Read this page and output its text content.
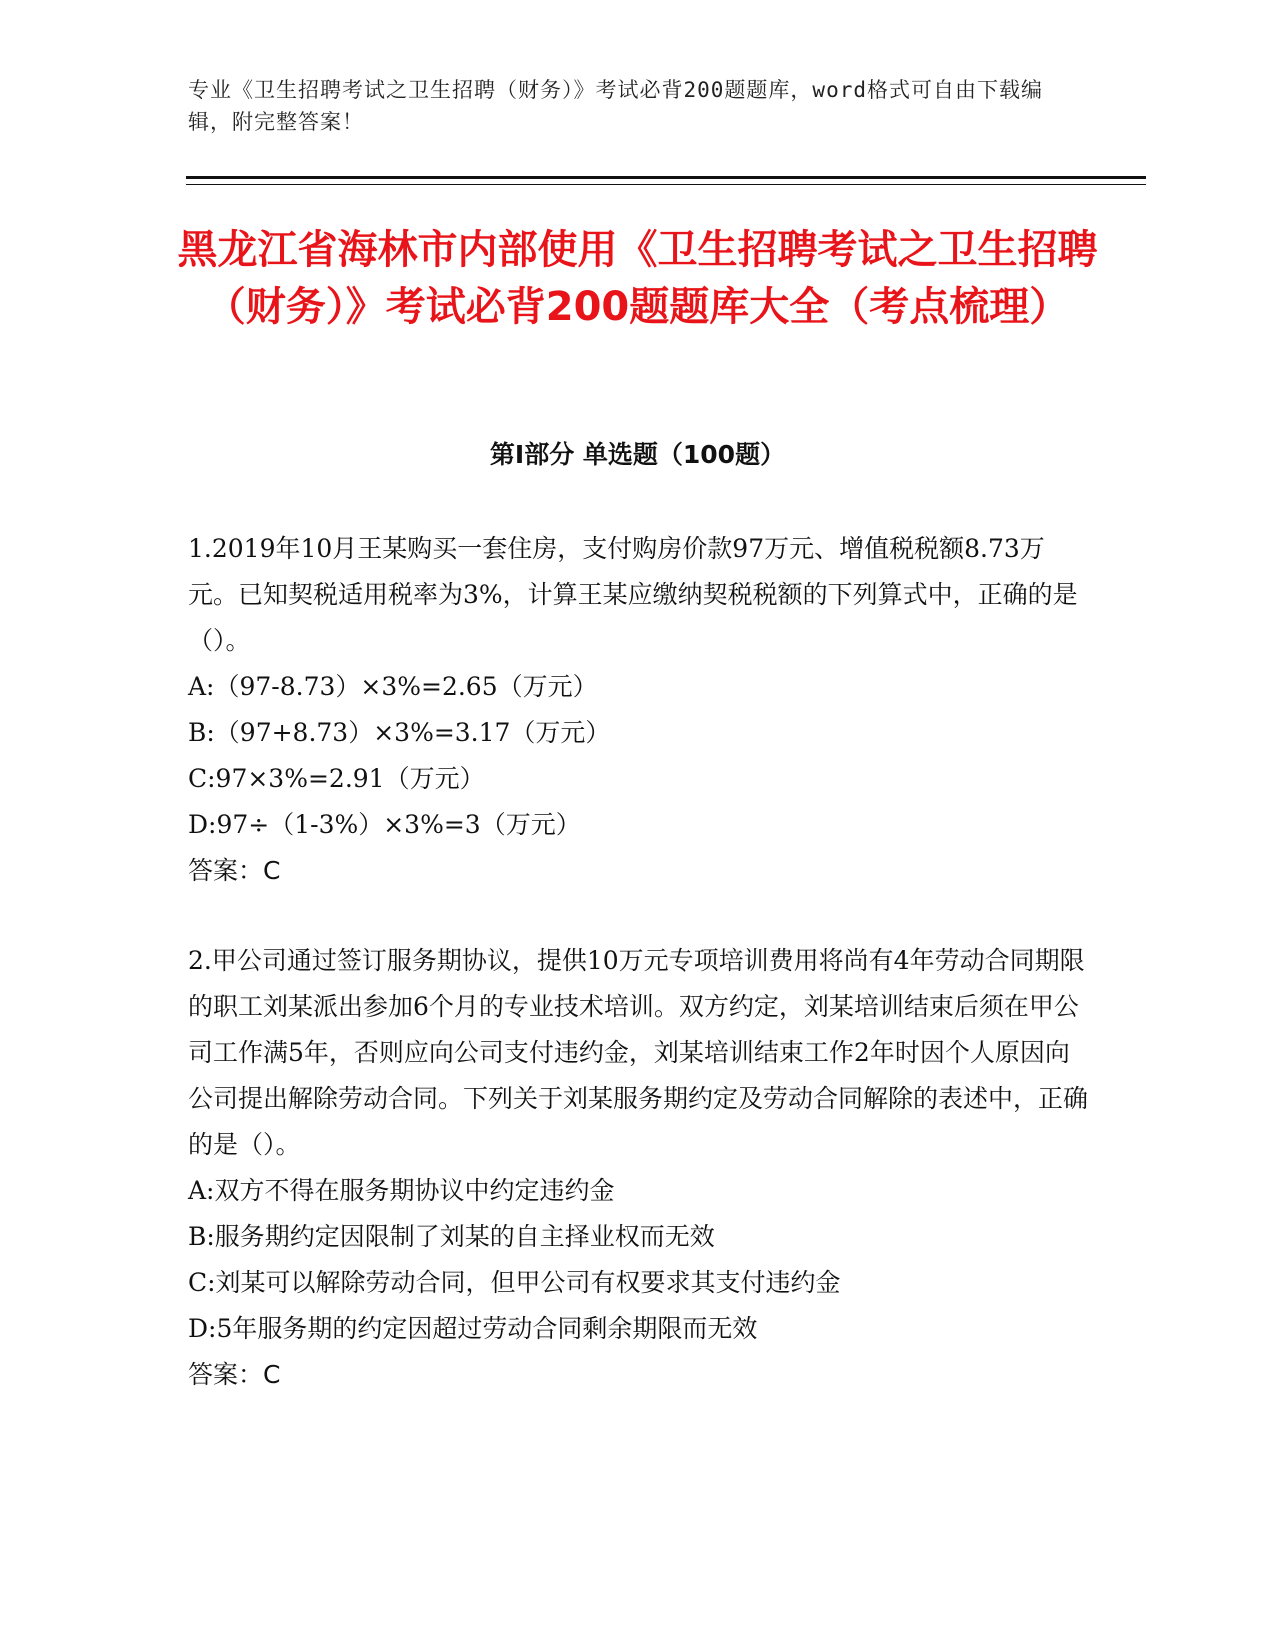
专业《卫生招聘考试之卫生招聘（财务）》考试必背200题题库，word格式可自由下载编辑，附完整答案！
黑龙江省海林市内部使用《卫生招聘考试之卫生招聘（财务）》考试必背200题题库大全（考点梳理）
第Ⅰ部分 单选题（100题）

1.2019年10月王某购买一套住房，支付购房价款97万元、增值税税额8.73万元。已知契税适用税率为3%，计算王某应缴纳契税税额的下列算式中，正确的是（）。

A:（97-8.73）×3%=2.65（万元）

B:（97+8.73）×3%=3.17（万元）

C:97×3%=2.91（万元）

D:97÷（1-3%）×3%=3（万元）

答案：C

2.甲公司通过签订服务期协议，提供10万元专项培训费用将尚有4年劳动合同期限的职工刘某派出参加6个月的专业技术培训。双方约定，刘某培训结束后须在甲公司工作满5年，否则应向公司支付违约金，刘某培训结束工作2年时因个人原因向公司提出解除劳动合同。下列关于刘某服务期约定及劳动合同解除的表述中，正确的是（）。

A:双方不得在服务期协议中约定违约金

B:服务期约定因限制了刘某的自主择业权而无效

C:刘某可以解除劳动合同，但甲公司有权要求其支付违约金

D:5年服务期的约定因超过劳动合同剩余期限而无效

答案：C
